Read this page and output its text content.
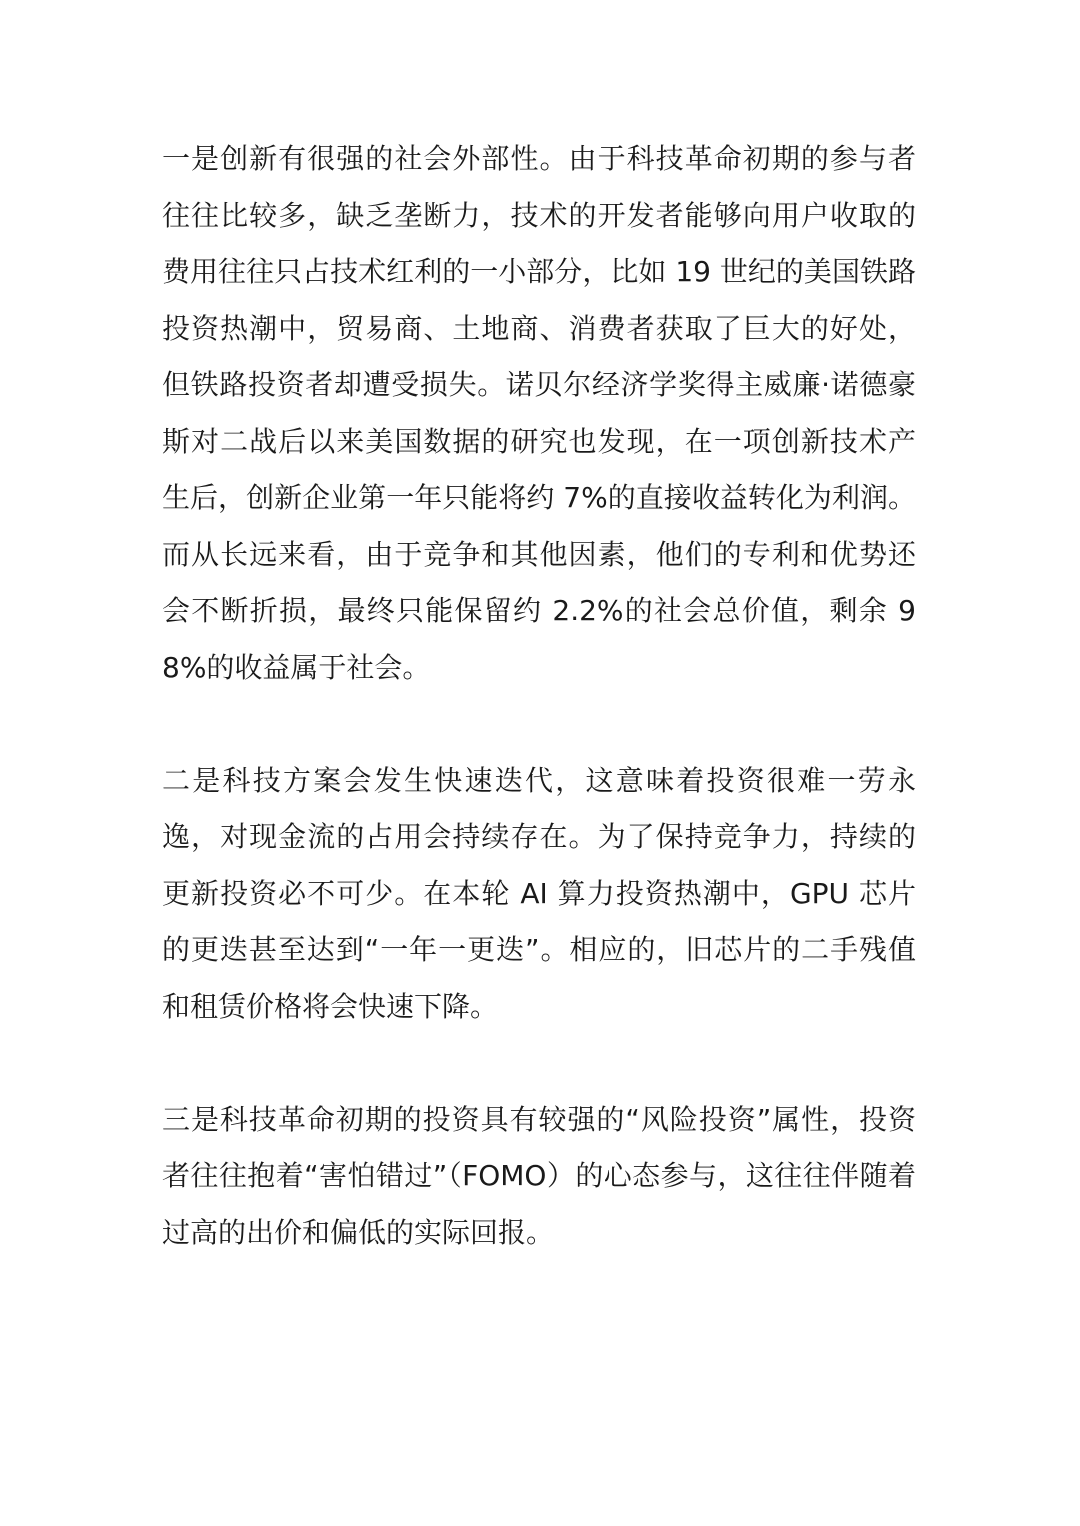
一是创新有很强的社会外部性。由于科技革命初期的参与者往往比较多，缺乏垄断力，技术的开发者能够向用户收取的费用往往只占技术红利的一小部分，比如 19 世纪的美国铁路投资热潮中，贸易商、土地商、消费者获取了巨大的好处，但铁路投资者却遭受损失。诺贝尔经济学奖得主威廉·诺德豪斯对二战后以来美国数据的研究也发现，在一项创新技术产生后，创新企业第一年只能将约 7%的直接收益转化为利润。而从长远来看，由于竞争和其他因素，他们的专利和优势还会不断折损，最终只能保留约 2.2%的社会总价值，剩余 98%的收益属于社会。

二是科技方案会发生快速迭代，这意味着投资很难一劳永逸，对现金流的占用会持续存在。为了保持竞争力，持续的更新投资必不可少。在本轮 AI 算力投资热潮中，GPU 芯片的更迭甚至达到“一年一更迭”。相应的，旧芯片的二手残值和租赁价格将会快速下降。

三是科技革命初期的投资具有较强的“风险投资”属性，投资者往往抱着“害怕错过”（FOMO）的心态参与，这往往伴随着过高的出价和偏低的实际回报。
